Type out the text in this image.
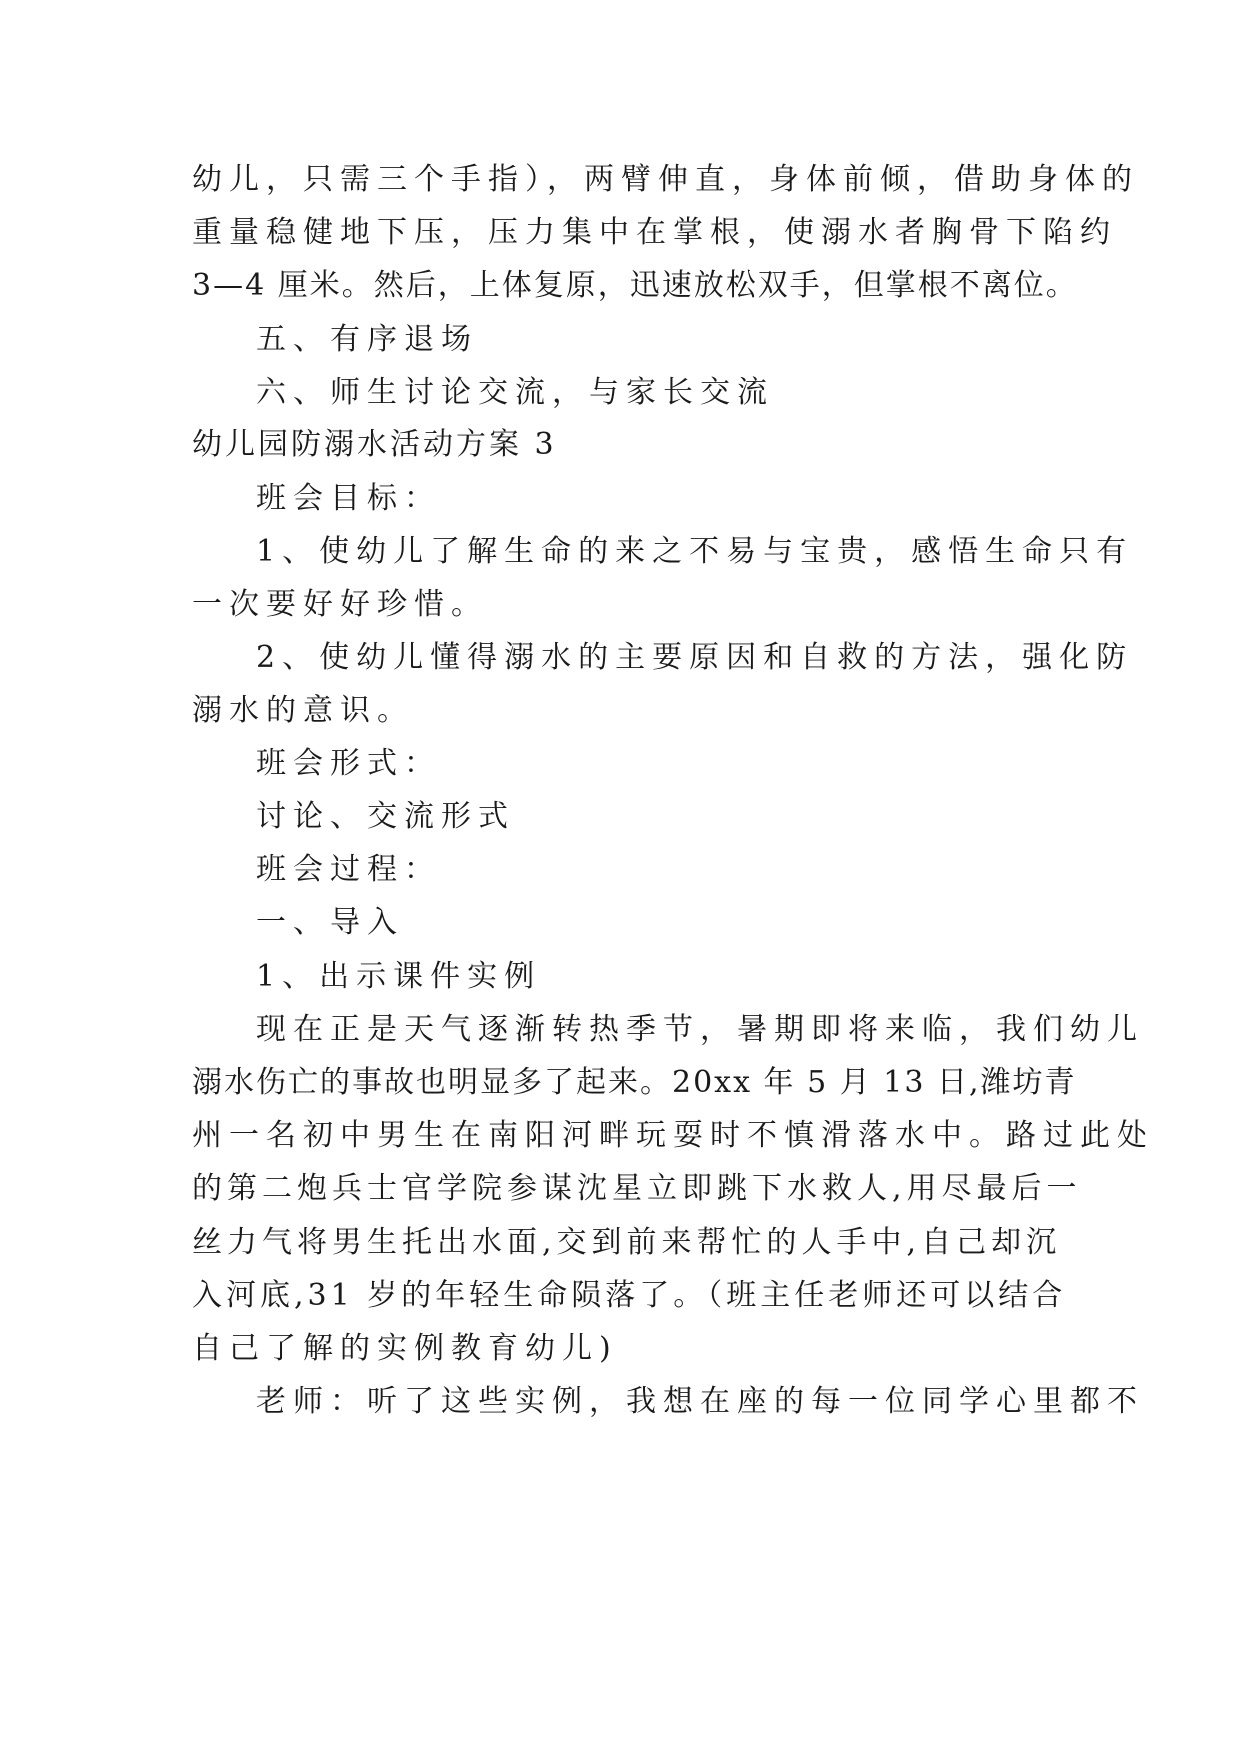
幼儿，只需三个手指），两臂伸直，身体前倾，借助身体的
重量稳健地下压，压力集中在掌根，使溺水者胸骨下陷约
3—4 厘米。然后，上体复原，迅速放松双手，但掌根不离位。
五、有序退场
六、师生讨论交流，与家长交流
幼儿园防溺水活动方案 3
班会目标：
1、使幼儿了解生命的来之不易与宝贵，感悟生命只有
一次要好好珍惜。
2、使幼儿懂得溺水的主要原因和自救的方法，强化防
溺水的意识。
班会形式：
讨论、交流形式
班会过程：
一、导入
1、出示课件实例
现在正是天气逐渐转热季节，暑期即将来临，我们幼儿
溺水伤亡的事故也明显多了起来。20xx 年 5 月 13 日,潍坊青
州一名初中男生在南阳河畔玩耍时不慎滑落水中。路过此处
的第二炮兵士官学院参谋沈星立即跳下水救人,用尽最后一
丝力气将男生托出水面,交到前来帮忙的人手中,自己却沉
入河底,31 岁的年轻生命陨落了。（班主任老师还可以结合
自己了解的实例教育幼儿)
老师：听了这些实例，我想在座的每一位同学心里都不
